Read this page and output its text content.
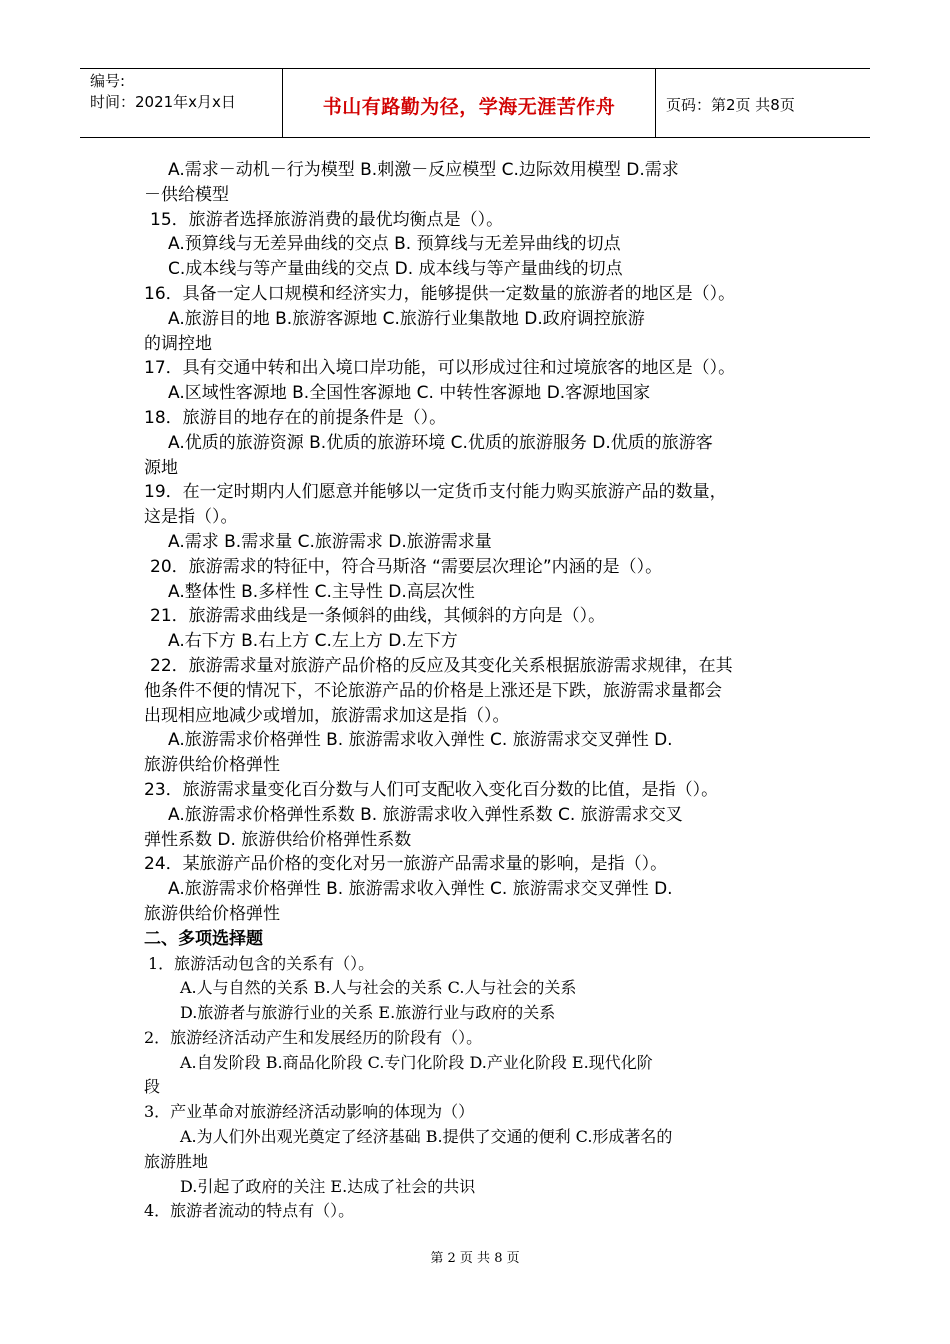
编号:
时间：2021年x月x日	书山有路勤为径，学海无涯苦作舟	页码：第2页 共8页
A.需求－动机－行为模型 B.刺激－反应模型 C.边际效用模型 D.需求
－供给模型
15．旅游者选择旅游消费的最优均衡点是（）。
A.预算线与无差异曲线的交点 B. 预算线与无差异曲线的切点
C.成本线与等产量曲线的交点 D. 成本线与等产量曲线的切点
16．具备一定人口规模和经济实力，能够提供一定数量的旅游者的地区是（）。
A.旅游目的地 B.旅游客源地 C.旅游行业集散地 D.政府调控旅游
的调控地
17．具有交通中转和出入境口岸功能，可以形成过往和过境旅客的地区是（）。
A.区域性客源地 B.全国性客源地 C. 中转性客源地 D.客源地国家
18．旅游目的地存在的前提条件是（）。
A.优质的旅游资源 B.优质的旅游环境 C.优质的旅游服务 D.优质的旅游客
源地
19．在一定时期内人们愿意并能够以一定货币支付能力购买旅游产品的数量，
这是指（）。
A.需求 B.需求量 C.旅游需求 D.旅游需求量
20．旅游需求的特征中，符合马斯洛 “需要层次理论”内涵的是（）。
A.整体性 B.多样性 C.主导性 D.高层次性
21．旅游需求曲线是一条倾斜的曲线，其倾斜的方向是（）。
A.右下方 B.右上方 C.左上方 D.左下方
22．旅游需求量对旅游产品价格的反应及其变化关系根据旅游需求规律，在其
他条件不便的情况下，不论旅游产品的价格是上涨还是下跌，旅游需求量都会
出现相应地减少或增加，旅游需求加这是指（）。
A.旅游需求价格弹性 B. 旅游需求收入弹性 C. 旅游需求交叉弹性 D.
旅游供给价格弹性
23．旅游需求量变化百分数与人们可支配收入变化百分数的比值，是指（）。
A.旅游需求价格弹性系数 B. 旅游需求收入弹性系数 C. 旅游需求交叉
弹性系数 D. 旅游供给价格弹性系数
24．某旅游产品价格的变化对另一旅游产品需求量的影响，是指（）。
A.旅游需求价格弹性 B. 旅游需求收入弹性 C. 旅游需求交叉弹性 D.
旅游供给价格弹性
二、多项选择题
1．旅游活动包含的关系有（）。
A.人与自然的关系 B.人与社会的关系 C.人与社会的关系
D.旅游者与旅游行业的关系 E.旅游行业与政府的关系
2．旅游经济活动产生和发展经历的阶段有（）。
A.自发阶段 B.商品化阶段 C.专门化阶段 D.产业化阶段 E.现代化阶
段
3．产业革命对旅游经济活动影响的体现为（）
A.为人们外出观光奠定了经济基础 B.提供了交通的便利 C.形成著名的
旅游胜地
D.引起了政府的关注 E.达成了社会的共识
4．旅游者流动的特点有（）。
第 2 页 共 8 页
